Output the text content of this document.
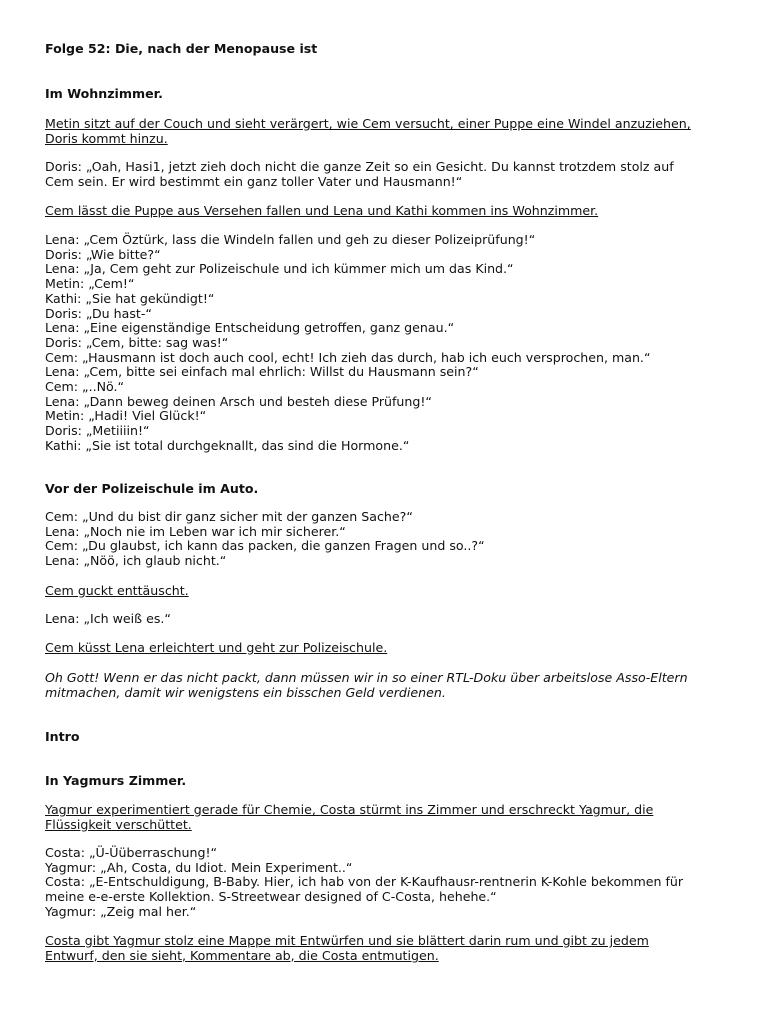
Folge 52: Die, nach der Menopause ist

Im Wohnzimmer.

Metin sitzt auf der Couch und sieht verärgert, wie Cem versucht, einer Puppe eine Windel anzuziehen,
Doris kommt hinzu.

Doris: „Oah, Hasi1, jetzt zieh doch nicht die ganze Zeit so ein Gesicht. Du kannst trotzdem stolz auf
Cem sein. Er wird bestimmt ein ganz toller Vater und Hausmann!“

Cem lässt die Puppe aus Versehen fallen und Lena und Kathi kommen ins Wohnzimmer.

Lena: „Cem Öztürk, lass die Windeln fallen und geh zu dieser Polizeiprüfung!“
Doris: „Wie bitte?“
Lena: „Ja, Cem geht zur Polizeischule und ich kümmer mich um das Kind.“
Metin: „Cem!“
Kathi: „Sie hat gekündigt!“
Doris: „Du hast-“
Lena: „Eine eigenständige Entscheidung getroffen, ganz genau.“
Doris: „Cem, bitte: sag was!“
Cem: „Hausmann ist doch auch cool, echt! Ich zieh das durch, hab ich euch versprochen, man.“
Lena: „Cem, bitte sei einfach mal ehrlich: Willst du Hausmann sein?“
Cem: „..Nö.“
Lena: „Dann beweg deinen Arsch und besteh diese Prüfung!“
Metin: „Hadi! Viel Glück!“
Doris: „Metiiiin!“
Kathi: „Sie ist total durchgeknallt, das sind die Hormone.“

Vor der Polizeischule im Auto.

Cem: „Und du bist dir ganz sicher mit der ganzen Sache?“
Lena: „Noch nie im Leben war ich mir sicherer.“
Cem: „Du glaubst, ich kann das packen, die ganzen Fragen und so..?“
Lena: „Nöö, ich glaub nicht.“

Cem guckt enttäuscht.

Lena: „Ich weiß es.“

Cem küsst Lena erleichtert und geht zur Polizeischule.

Oh Gott! Wenn er das nicht packt, dann müssen wir in so einer RTL-Doku über arbeitslose Asso-Eltern
mitmachen, damit wir wenigstens ein bisschen Geld verdienen.

Intro

In Yagmurs Zimmer.

Yagmur experimentiert gerade für Chemie, Costa stürmt ins Zimmer und erschreckt Yagmur, die
Flüssigkeit verschüttet.

Costa: „Ü-Üüberraschung!“
Yagmur: „Ah, Costa, du Idiot. Mein Experiment..“
Costa: „E-Entschuldigung, B-Baby. Hier, ich hab von der K-Kaufhausr-rentnerin K-Kohle bekommen für
meine e-e-erste Kollektion. S-Streetwear designed of C-Costa, hehehe.“
Yagmur: „Zeig mal her.“

Costa gibt Yagmur stolz eine Mappe mit Entwürfen und sie blättert darin rum und gibt zu jedem
Entwurf, den sie sieht, Kommentare ab, die Costa entmutigen.
